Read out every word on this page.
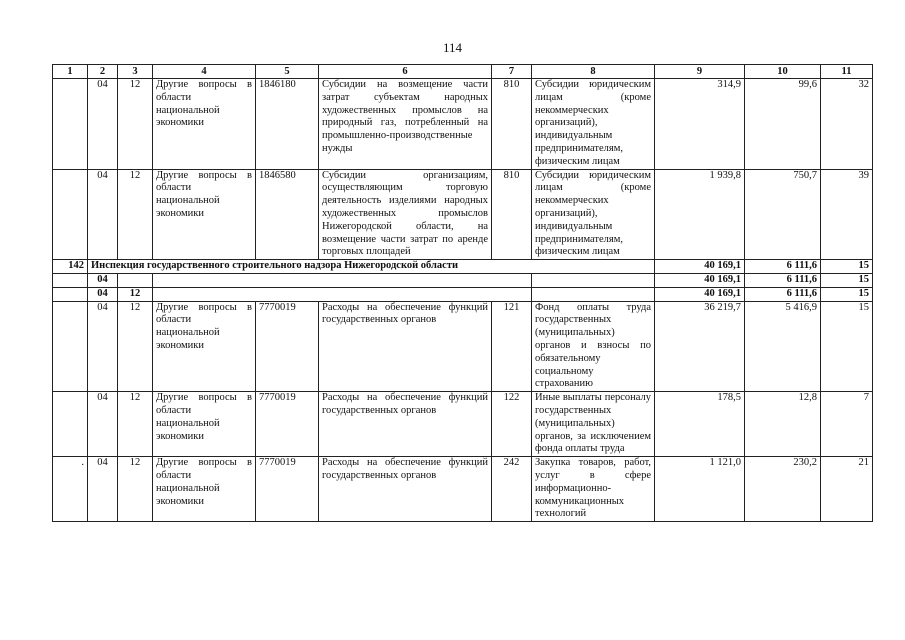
114
1	2	3	4	5	6	7	8	9	10	11
	04	12	Другие вопросы в области национальной экономики	1846180	Субсидии на возмещение части затрат субъектам народных художественных промыслов на природный газ, потребленный на промышленно-производственные нужды	810	Субсидии юридическим лицам (кроме некоммерческих организаций), индивидуальным предпринимателям, физическим лицам	314,9	99,6	32
	04	12	Другие вопросы в области национальной экономики	1846580	Субсидии организациям, осуществляющим торговую деятельность изделиями народных художественных промыслов Нижегородской области, на возмещение части затрат по аренде торговых площадей	810	Субсидии юридическим лицам (кроме некоммерческих организаций), индивидуальным предпринимателям, физическим лицам	1 939,8	750,7	39
142	Инспекция государственного строительного надзора Нижегородской области							40 169,1	6 111,6	15
	04							40 169,1	6 111,6	15
	04	12						40 169,1	6 111,6	15
	04	12	Другие вопросы в области национальной экономики	7770019	Расходы на обеспечение функций государственных органов	121	Фонд оплаты труда государственных (муниципальных) органов и взносы по обязательному социальному страхованию	36 219,7	5 416,9	15
	04	12	Другие вопросы в области национальной экономики	7770019	Расходы на обеспечение функций государственных органов	122	Иные выплаты персоналу государственных (муниципальных) органов, за исключением фонда оплаты труда	178,5	12,8	7
.	04	12	Другие вопросы в области национальной экономики	7770019	Расходы на обеспечение функций государственных органов	242	Закупка товаров, работ, услуг в сфере информационно-коммуникационных технологий	1 121,0	230,2	21
